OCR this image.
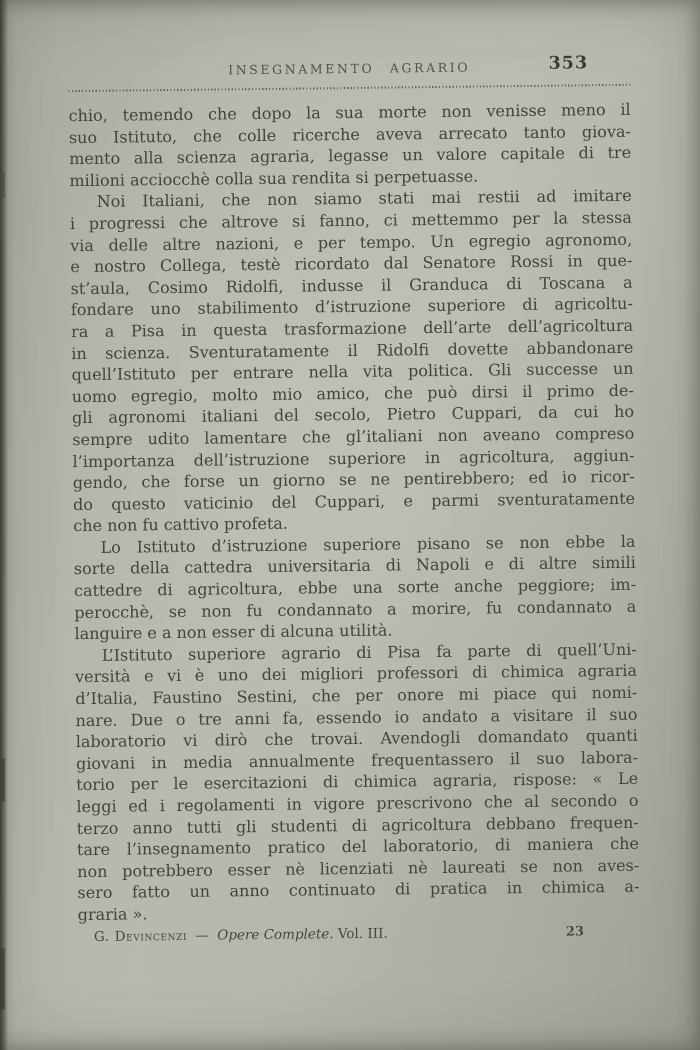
INSEGNAMENTO AGRARIO	353
chio, temendo che dopo la sua morte non venisse meno il
suo Istituto, che colle ricerche aveva arrecato tanto giova-
mento alla scienza agraria, legasse un valore capitale di tre
milioni acciocchè colla sua rendita si perpetuasse.
Noi Italiani, che non siamo stati mai restii ad imitare
i progressi che altrove si fanno, ci mettemmo per la stessa
via delle altre nazioni, e per tempo. Un egregio agronomo,
e nostro Collega, testè ricordato dal Senatore Rossi in que-
st’aula, Cosimo Ridolfi, indusse il Granduca di Toscana a
fondare uno stabilimento d’istruzione superiore di agricoltu-
ra a Pisa in questa trasformazione dell’arte dell’agricoltura
in scienza. Sventuratamente il Ridolfi dovette abbandonare
quell’Istituto per entrare nella vita politica. Gli successe un
uomo egregio, molto mio amico, che può dirsi il primo de-
gli agronomi italiani del secolo, Pietro Cuppari, da cui ho
sempre udito lamentare che gl’italiani non aveano compreso
l’importanza dell’istruzione superiore in agricoltura, aggiun-
gendo, che forse un giorno se ne pentirebbero; ed io ricor-
do questo vaticinio del Cuppari, e parmi sventuratamente
che non fu cattivo profeta.
Lo Istituto d’istruzione superiore pisano se non ebbe la
sorte della cattedra universitaria di Napoli e di altre simili
cattedre di agricoltura, ebbe una sorte anche peggiore; im-
perocchè, se non fu condannato a morire, fu condannato a
languire e a non esser di alcuna utilità.
L’Istituto superiore agrario di Pisa fa parte di quell’Uni-
versità e vi è uno dei migliori professori di chimica agraria
d’Italia, Faustino Sestini, che per onore mi piace qui nomi-
nare. Due o tre anni fa, essendo io andato a visitare il suo
laboratorio vi dirò che trovai. Avendogli domandato quanti
giovani in media annualmente frequentassero il suo labora-
torio per le esercitazioni di chimica agraria, rispose: « Le
leggi ed i regolamenti in vigore prescrivono che al secondo o
terzo anno tutti gli studenti di agricoltura debbano frequen-
tare l’insegnamento pratico del laboratorio, di maniera che
non potrebbero esser nè licenziati nè laureati se non aves-
sero fatto un anno continuato di pratica in chimica a-
graria ».
G. Devincenzi — Opere Complete. Vol. III.	23
